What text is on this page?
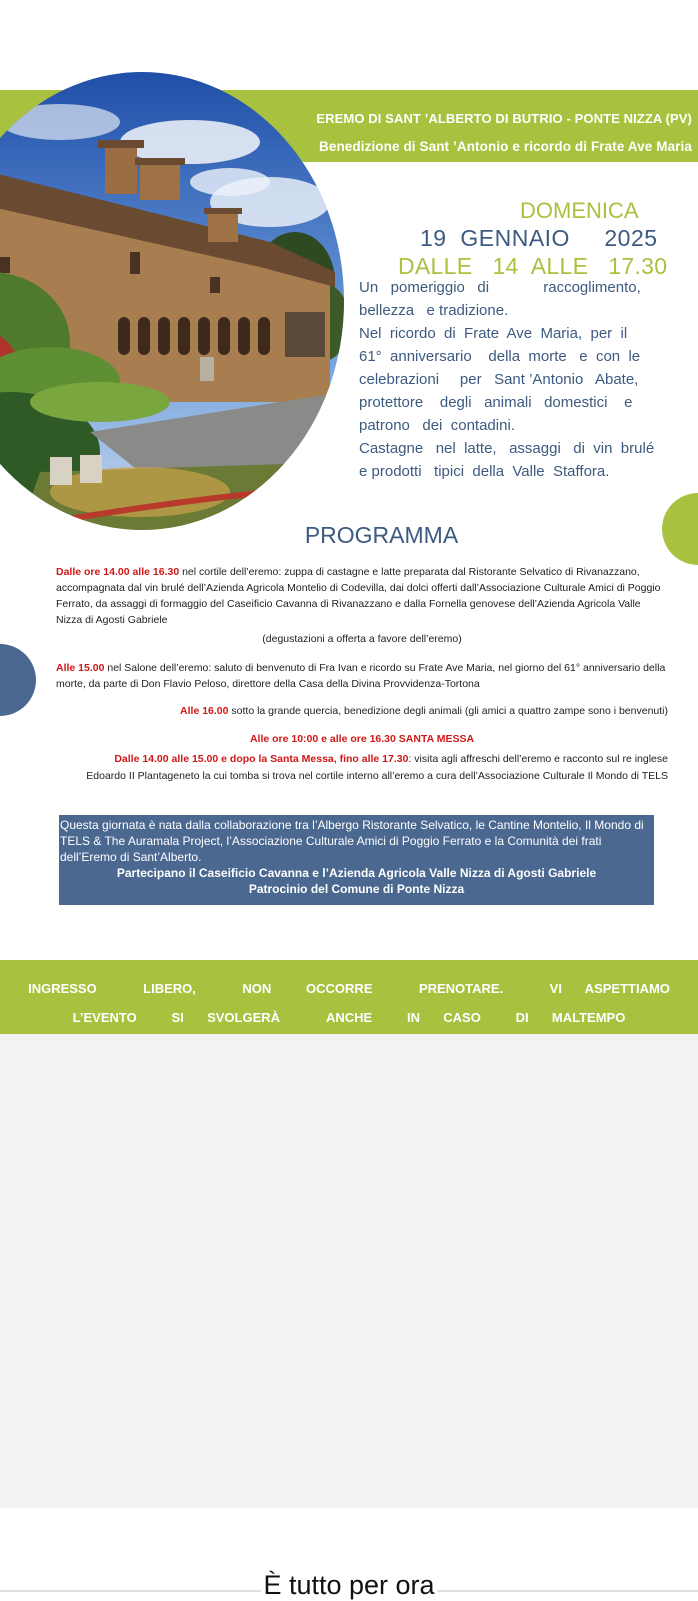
EREMO DI SANT ’ALBERTO DI BUTRIO - PONTE NIZZA (PV)
Benedizione di Sant ’Antonio e ricordo di Frate Ave Maria
DOMENICA
19  GENNAIO     2025
DALLE   14  ALLE   17.30

Un   pomeriggio   di             raccoglimento,

bellezza   e tradizione.

Nel  ricordo  di  Frate  Ave  Maria,  per  il

61°  anniversario    della  morte   e  con  le

celebrazioni     per   Sant ’Antonio   Abate,

protettore    degli   animali   domestici    e

patrono   dei  contadini.

Castagne   nel  latte,   assaggi   di  vin  brulé

e prodotti   tipici  della  Valle  Staffora.

PROGRAMMA
Dalle ore 14.00 alle 16.30 nel cortile dell’eremo: zuppa di castagne e latte preparata dal Ristorante Selvatico di Rivanazzano, accompagnata dal vin brulé dell’Azienda Agricola Montelio di Codevilla, dai dolci offerti dall’Associazione Culturale Amici di Poggio Ferrato, da assaggi di formaggio del Caseificio Cavanna di Rivanazzano e dalla Fornella genovese dell’Azienda Agricola Valle Nizza di Agosti Gabriele
(degustazioni a offerta a favore dell’eremo)
Alle 15.00 nel Salone dell’eremo: saluto di benvenuto di Fra Ivan e ricordo su Frate Ave Maria, nel giorno del 61° anniversario della morte, da parte di Don Flavio Peloso, direttore della Casa della Divina Provvidenza-Tortona
Alle 16.00 sotto la grande quercia, benedizione degli animali (gli amici a quattro zampe sono i benvenuti)
Alle ore 10:00 e alle ore 16.30 SANTA MESSA
Dalle 14.00 alle 15.00 e dopo la Santa Messa, fino alle 17.30: visita agli affreschi dell’eremo e racconto sul re inglese
Edoardo II Plantageneto la cui tomba si trova nel cortile interno all’eremo a cura dell’Associazione Culturale Il Mondo di TELS
Questa giornata è nata dalla collaborazione tra l’Albergo Ristorante Selvatico, le Cantine Montelio, Il Mondo di TELS & The Auramala Project, l’Associazione Culturale Amici di Poggio Ferrato e la Comunità dei frati dell’Eremo di Sant’Alberto.
Partecipano il Caseificio Cavanna e l’Azienda Agricola Valle Nizza di Agosti Gabriele
Patrocinio del Comune di Ponte Nizza
INGRESSO    LIBERO,    NON   OCCORRE    PRENOTARE.    VI  ASPETTIAMO
L’EVENTO   SI  SVOLGERÀ    ANCHE   IN  CASO   DI  MALTEMPO
È tutto per ora
